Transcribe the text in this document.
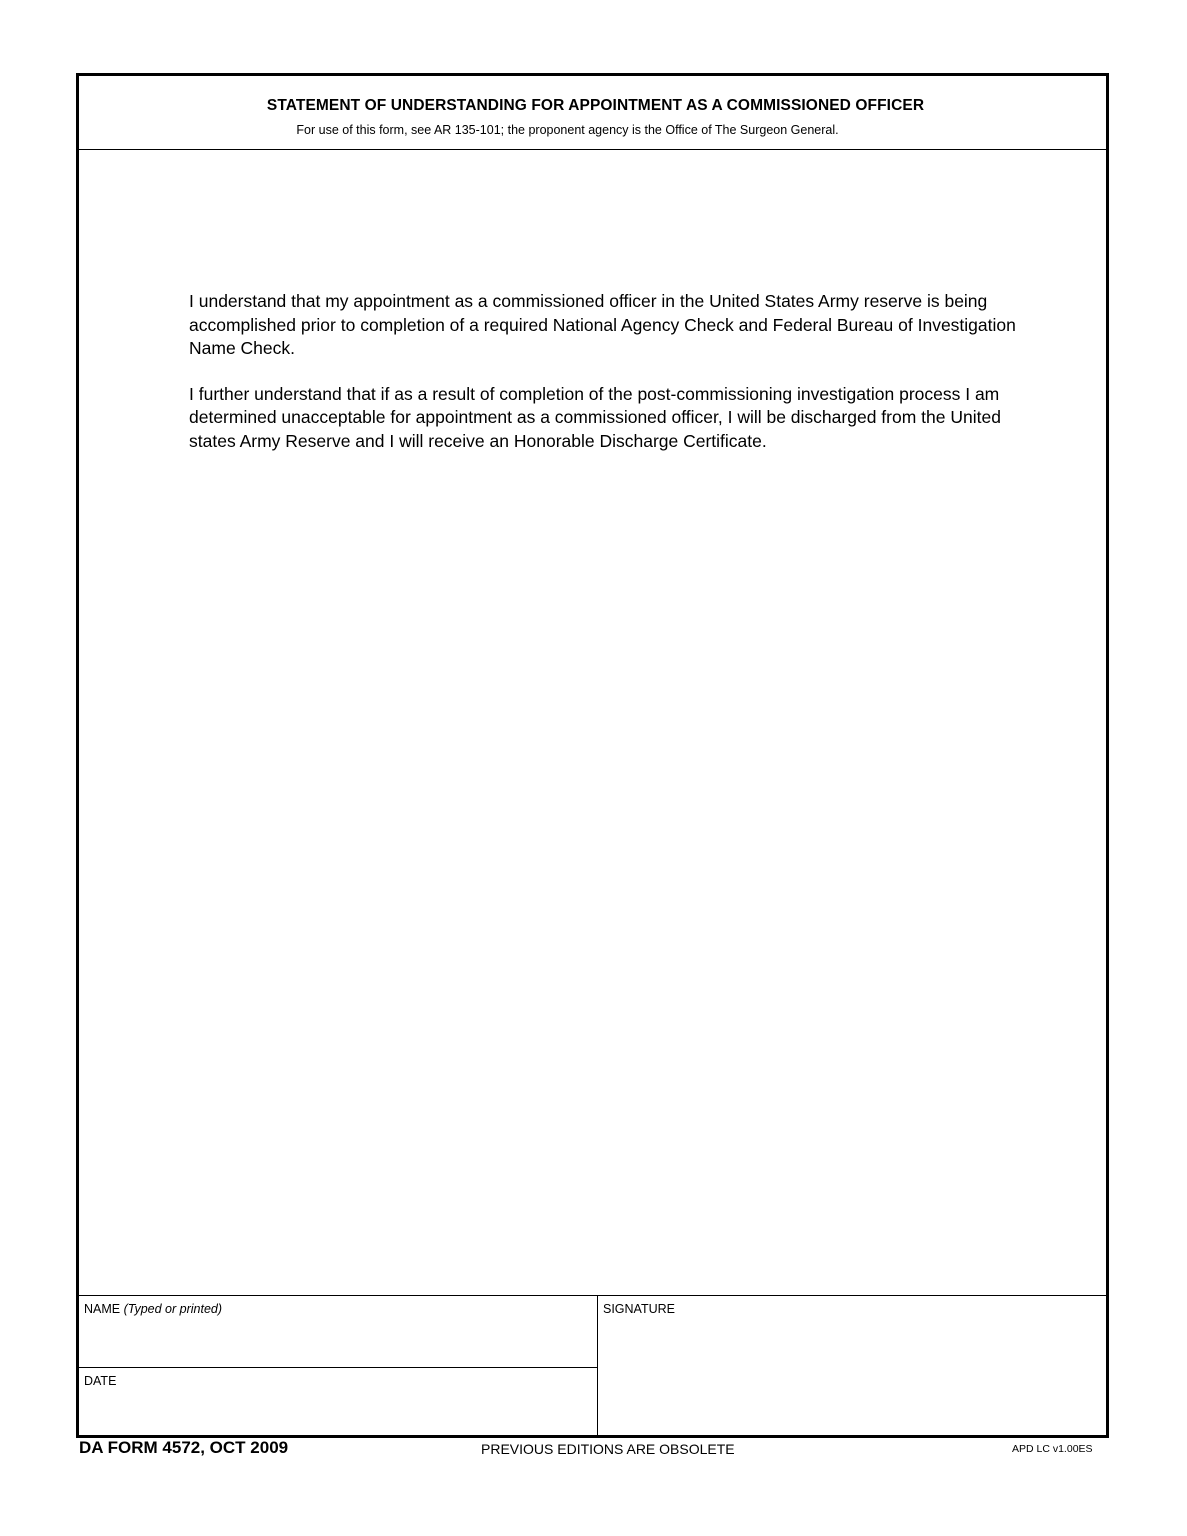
STATEMENT OF UNDERSTANDING FOR APPOINTMENT AS A COMMISSIONED OFFICER
For use of this form, see AR 135-101; the proponent agency is the Office of The Surgeon General.

I understand that my appointment as a commissioned officer in the United States Army reserve is being accomplished prior to completion of a required National Agency Check and Federal Bureau of Investigation Name Check.

I further understand that if as a result of completion of the post-commissioning investigation process I am determined unacceptable for appointment as a commissioned officer, I will be discharged from the United states Army Reserve and I will receive an Honorable Discharge Certificate.

NAME (Typed or printed)
DATE
SIGNATURE
DA FORM 4572, OCT 2009	PREVIOUS EDITIONS ARE OBSOLETE	APD LC v1.00ES
